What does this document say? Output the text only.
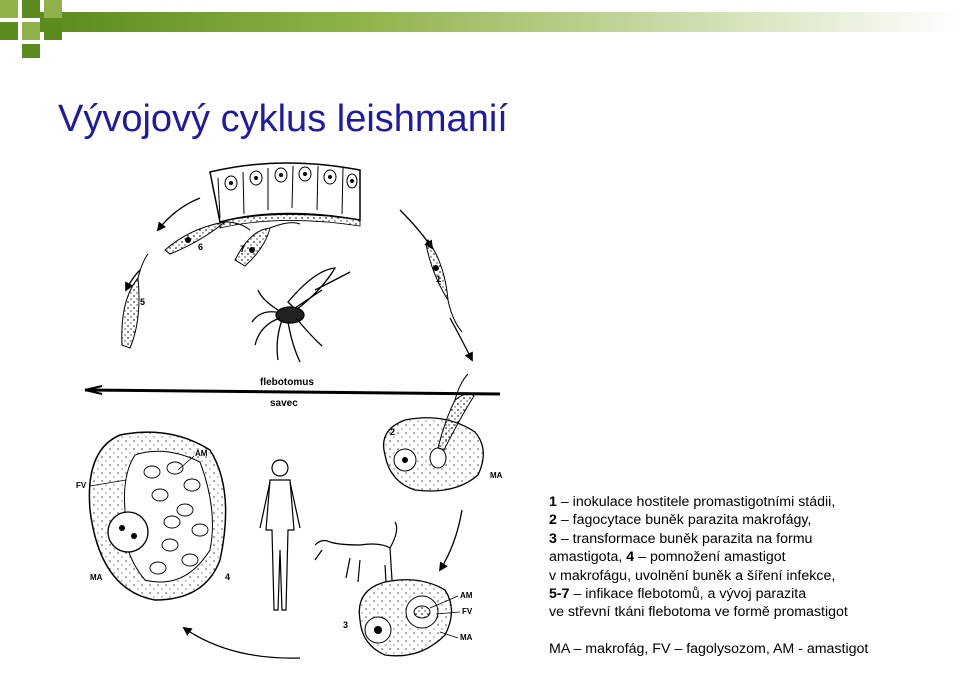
Vývojový cyklus leishmanií
flebotomus
savec
1
2
3
4
5
6	7
AM
FV
MA
MA
AM
FV
MA

1 – inokulace hostitele promastigotními stádii,

2 – fagocytace buněk parazita makrofágy,

3 – transformace buněk parazita na formu

amastigota, 4 – pomnožení amastigot

v makrofágu, uvolnění buněk a šíření infekce,

5-7 – infikace flebotomů, a vývoj parazita

ve střevní tkáni flebotoma ve formě promastigot

MA – makrofág, FV – fagolysozom, AM - amastigot
